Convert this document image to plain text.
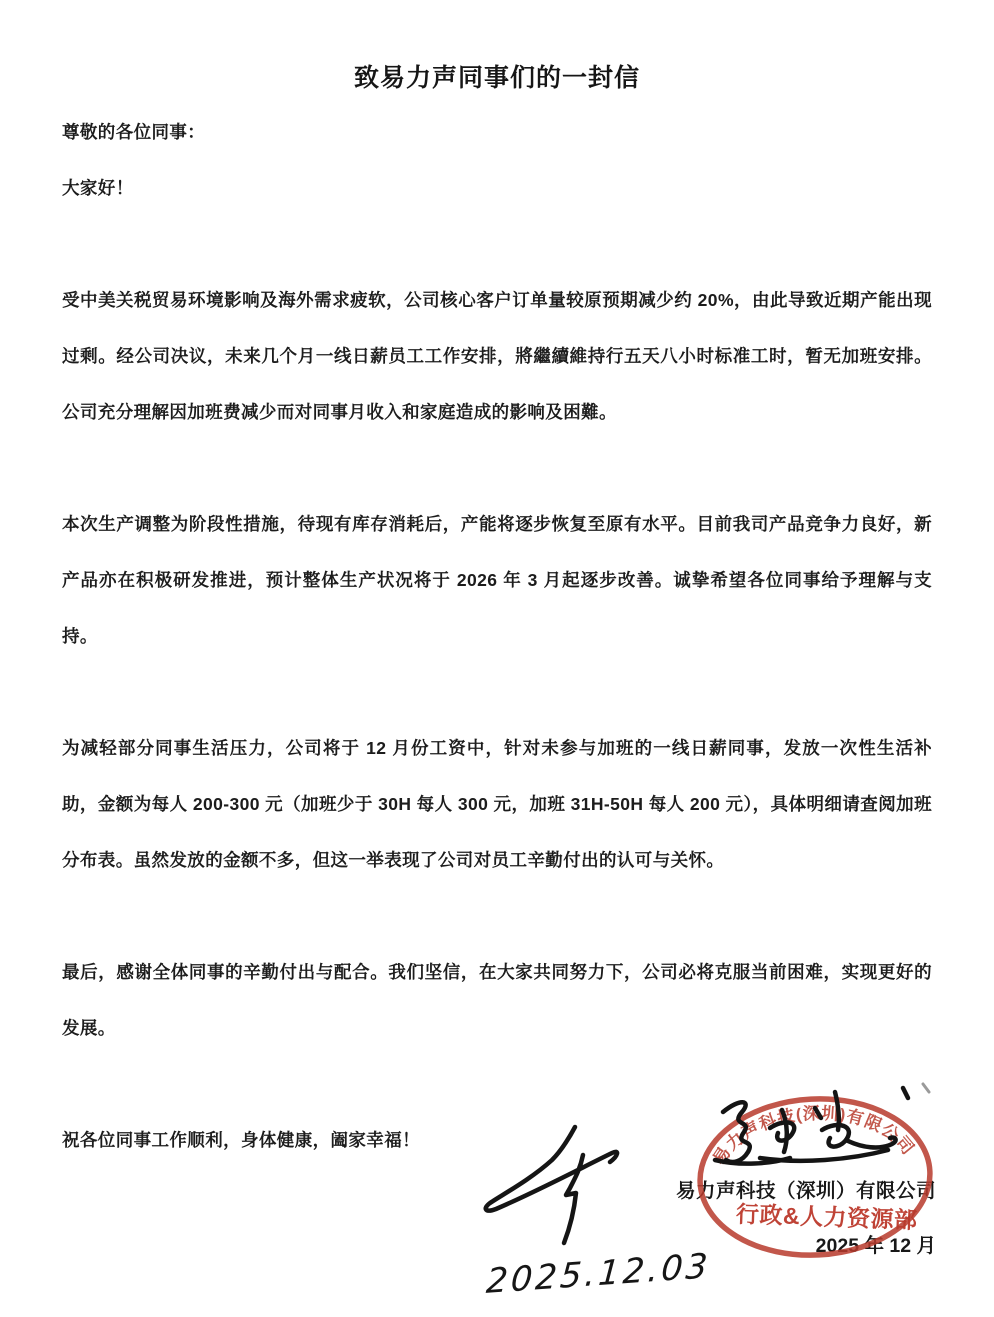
致易力声同事们的一封信

尊敬的各位同事：

大家好！

受中美关税贸易环境影响及海外需求疲软，公司核心客户订单量较原预期减少约 20%，由此导致近期产能出现过剩。经公司决议，未来几个月一线日薪员工工作安排，將繼續維持行五天八小时标准工时，暂无加班安排。公司充分理解因加班费减少而对同事月收入和家庭造成的影响及困難。

本次生产调整为阶段性措施，待现有库存消耗后，产能将逐步恢复至原有水平。目前我司产品竞争力良好，新产品亦在积极研发推进，预计整体生产状况将于 2026 年 3 月起逐步改善。诚挚希望各位同事给予理解与支持。

为减轻部分同事生活压力，公司将于 12 月份工资中，针对未参与加班的一线日薪同事，发放一次性生活补助，金额为每人 200-300 元（加班少于 30H 每人 300 元，加班 31H-50H 每人 200 元），具体明细请查阅加班分布表。虽然发放的金额不多，但这一举表现了公司对员工辛勤付出的认可与关怀。

最后，感谢全体同事的辛勤付出与配合。我们坚信，在大家共同努力下，公司必将克服当前困难，实现更好的发展。

祝各位同事工作顺利，身体健康，阖家幸福！

易力声科技（深圳）有限公司
行政&人力资源部
2025 年 12 月
易力声科技(深圳)有限公司
2025.12.03
